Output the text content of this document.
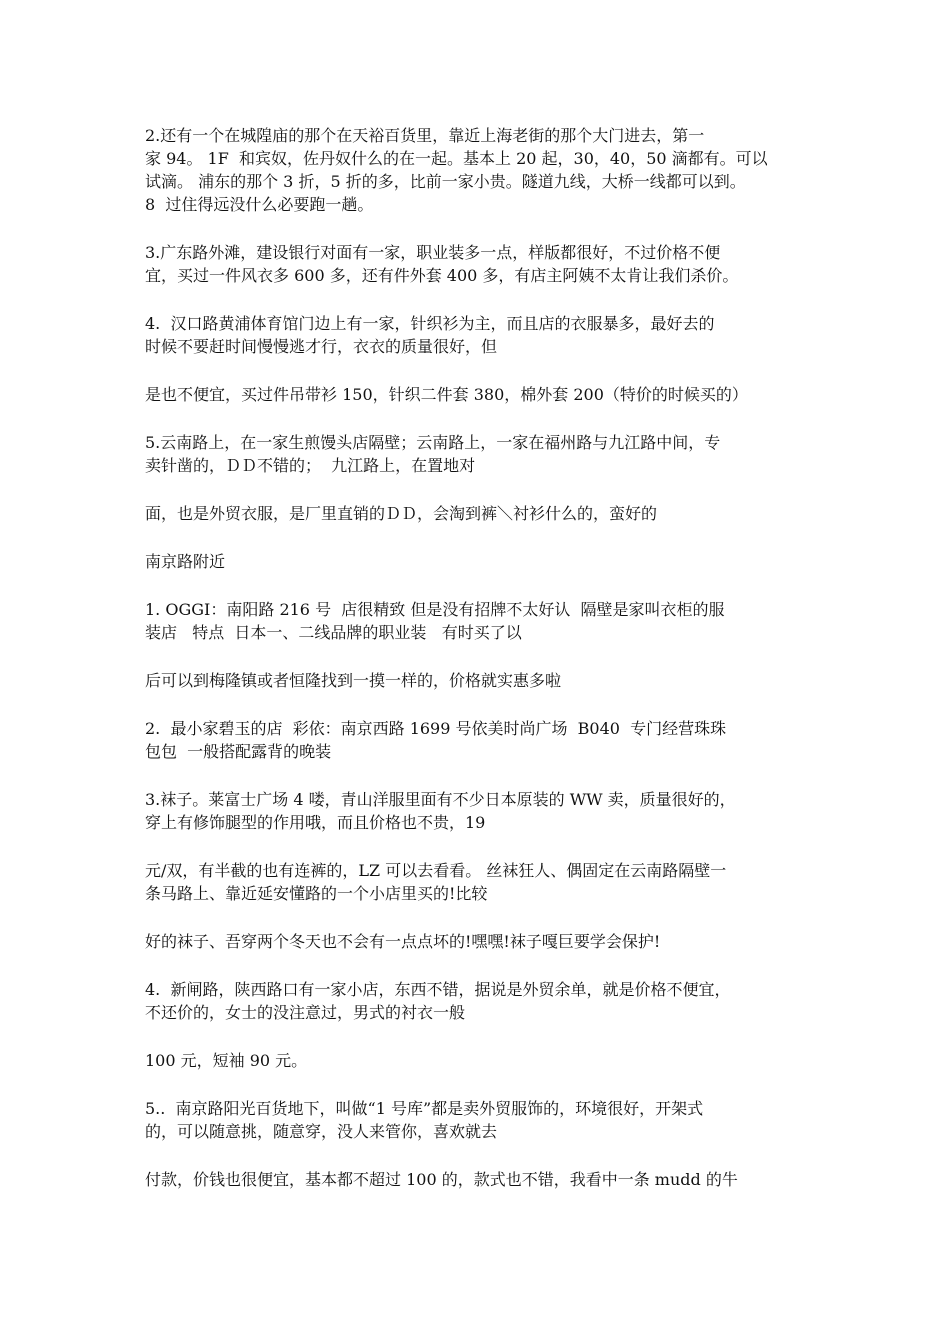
2.还有一个在城隍庙的那个在天裕百货里，靠近上海老街的那个大门进去，第一
家 94。 1F  和宾奴，佐丹奴什么的在一起。基本上 20 起，30，40，50 滴都有。可以
试滴。 浦东的那个 3 折，5 折的多，比前一家小贵。隧道九线，大桥一线都可以到。
8  过住得远没什么必要跑一趟。

3.广东路外滩，建设银行对面有一家，职业装多一点，样版都很好，不过价格不便
宜，买过一件风衣多 600 多，还有件外套 400 多，有店主阿姨不太肯让我们杀价。

4.  汉口路黄浦体育馆门边上有一家，针织衫为主，而且店的衣服暴多，最好去的
时候不要赶时间慢慢逃才行，衣衣的质量很好，但

是也不便宜，买过件吊带衫 150，针织二件套 380，棉外套 200（特价的时候买的）

5.云南路上，在一家生煎馒头店隔壁；云南路上，一家在福州路与九江路中间，专
卖针凿的，ＤＤ不错的；  九江路上，在置地对

面，也是外贸衣服，是厂里直销的ＤＤ，会淘到裤＼衬衫什么的，蛮好的

南京路附近

1. OGGI：南阳路 216 号  店很精致 但是没有招牌不太好认  隔壁是家叫衣柜的服
装店   特点  日本一、二线品牌的职业装   有时买了以

后可以到梅隆镇或者恒隆找到一摸一样的，价格就实惠多啦

2.  最小家碧玉的店  彩依：南京西路 1699 号依美时尚广场  B040  专门经营珠珠
包包  一般搭配露背的晚装

3.袜子。莱富士广场 4 喽，青山洋服里面有不少日本原装的 WW 卖，质量很好的，
穿上有修饰腿型的作用哦，而且价格也不贵，19

元/双，有半截的也有连裤的，LZ 可以去看看。 丝袜狂人、偶固定在云南路隔壁一
条马路上、靠近延安懂路的一个小店里买的!比较

好的袜子、吾穿两个冬天也不会有一点点坏的!嘿嘿!袜子嘎巨要学会保护!

4.  新闸路，陕西路口有一家小店，东西不错，据说是外贸余单，就是价格不便宜，
不还价的，女士的没注意过，男式的衬衣一般

100 元，短袖 90 元。

5..  南京路阳光百货地下，叫做“1 号库”都是卖外贸服饰的，环境很好，开架式
的，可以随意挑，随意穿，没人来管你，喜欢就去

付款，价钱也很便宜，基本都不超过 100 的，款式也不错，我看中一条 mudd 的牛
